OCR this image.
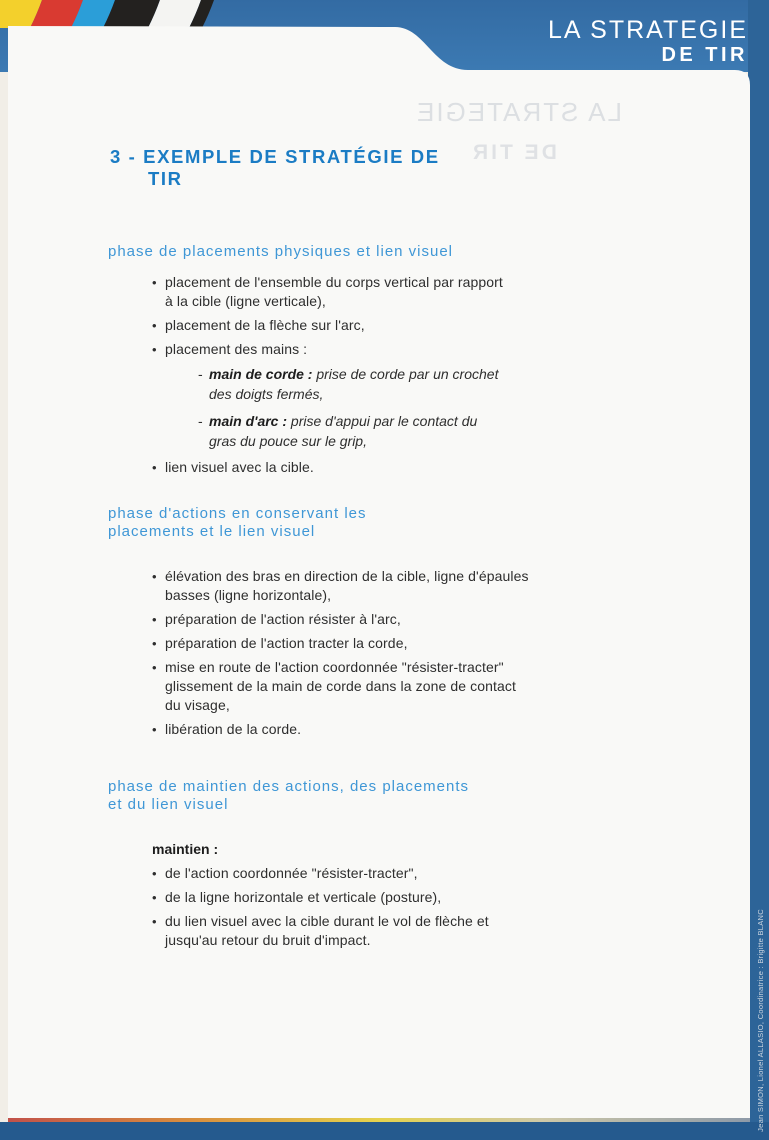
LA STRATEGIE
DE TIR
LA STRATEGIE
DE TIR
3 - EXEMPLE DE STRATÉGIE DE
TIR
phase de placements physiques et lien visuel
• placement de l'ensemble du corps vertical par rapport
à la cible (ligne verticale),
• placement de la flèche sur l'arc,
• placement des mains :
- main de corde : prise de corde par un crochet
des doigts fermés,
- main d'arc : prise d'appui par le contact du
gras du pouce sur le grip,
• lien visuel avec la cible.
phase d'actions en conservant les
placements et le lien visuel
• élévation des bras en direction de la cible, ligne d'épaules
basses (ligne horizontale),
• préparation de l'action résister à l'arc,
• préparation de l'action tracter la corde,
• mise en route de l'action coordonnée "résister-tracter"
glissement de la main de corde dans la zone de contact
du visage,
• libération de la corde.
phase de maintien des actions, des placements
et du lien visuel
maintien :
• de l'action coordonnée "résister-tracter",
• de la ligne horizontale et verticale (posture),
• du lien visuel avec la cible durant le vol de flèche et
jusqu'au retour du bruit d'impact.	Jean SIMON, Lionel ALLASIO, Coordinatrice : Brigitte BLANC
